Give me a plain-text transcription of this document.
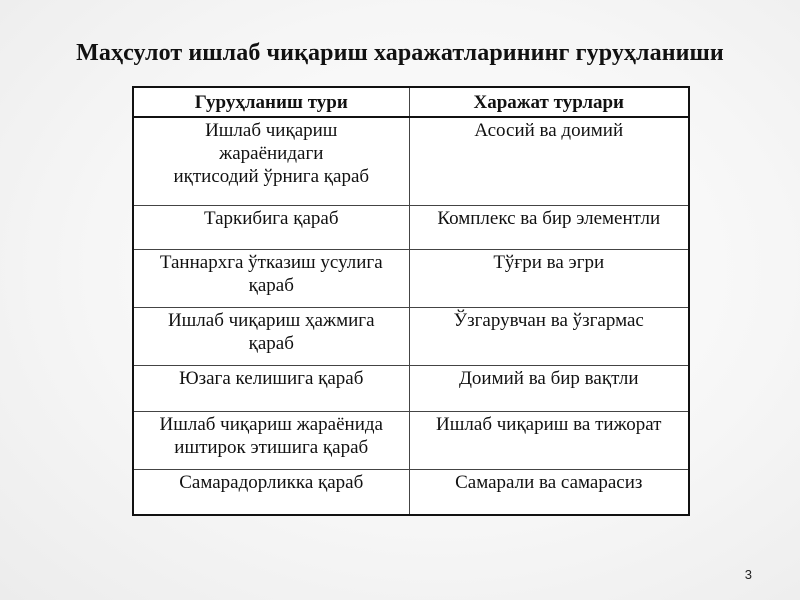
Маҳсулот ишлаб чиқариш харажатларининг гуруҳланиши
Гуруҳланиш тури	Харажат турлари
Ишлаб чиқариш
жараёнидаги
иқтисодий ўрнига қараб	Асосий ва доимий
Таркибига қараб	Комплекс ва бир элементли
Таннархга ўтказиш усулига
қараб	Тўғри ва эгри
Ишлаб чиқариш ҳажмига
қараб	Ўзгарувчан ва ўзгармас
Юзага келишига қараб	Доимий ва бир вақтли
Ишлаб чиқариш жараёнида
иштирок этишига қараб	Ишлаб чиқариш ва тижорат
Самарадорликка қараб	Самарали ва самарасиз
3
